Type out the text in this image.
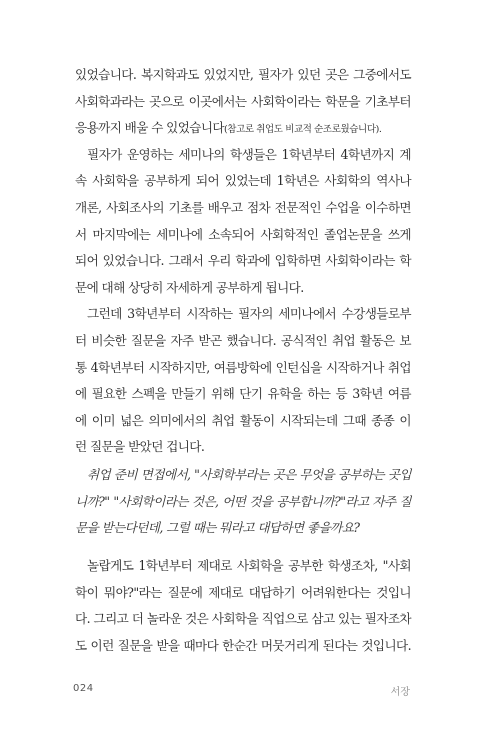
있었습니다. 복지학과도 있었지만, 필자가 있던 곳은 그중에서도
사회학과라는 곳으로 이곳에서는 사회학이라는 학문을 기초부터
응용까지 배울 수 있었습니다(참고로 취업도 비교적 순조로웠습니다).
필자가 운영하는 세미나의 학생들은 1학년부터 4학년까지 계
속 사회학을 공부하게 되어 있었는데 1학년은 사회학의 역사나
개론, 사회조사의 기초를 배우고 점차 전문적인 수업을 이수하면
서 마지막에는 세미나에 소속되어 사회학적인 졸업논문을 쓰게
되어 있었습니다. 그래서 우리 학과에 입학하면 사회학이라는 학
문에 대해 상당히 자세하게 공부하게 됩니다.
그런데 3학년부터 시작하는 필자의 세미나에서 수강생들로부
터 비슷한 질문을 자주 받곤 했습니다. 공식적인 취업 활동은 보
통 4학년부터 시작하지만, 여름방학에 인턴십을 시작하거나 취업
에 필요한 스펙을 만들기 위해 단기 유학을 하는 등 3학년 여름
에 이미 넓은 의미에서의 취업 활동이 시작되는데 그때 종종 이
런 질문을 받았던 겁니다.
취업 준비 면접에서, "사회학부라는 곳은 무엇을 공부하는 곳입
니까?" "사회학이라는 것은, 어떤 것을 공부합니까?"라고 자주 질
문을 받는다던데, 그럴 때는 뭐라고 대답하면 좋을까요?
놀랍게도 1학년부터 제대로 사회학을 공부한 학생조차, "사회
학이 뭐야?"라는 질문에 제대로 대답하기 어려워한다는 것입니
다. 그리고 더 놀라운 것은 사회학을 직업으로 삼고 있는 필자조차
도 이런 질문을 받을 때마다 한순간 머뭇거리게 된다는 것입니다.
024	서장
